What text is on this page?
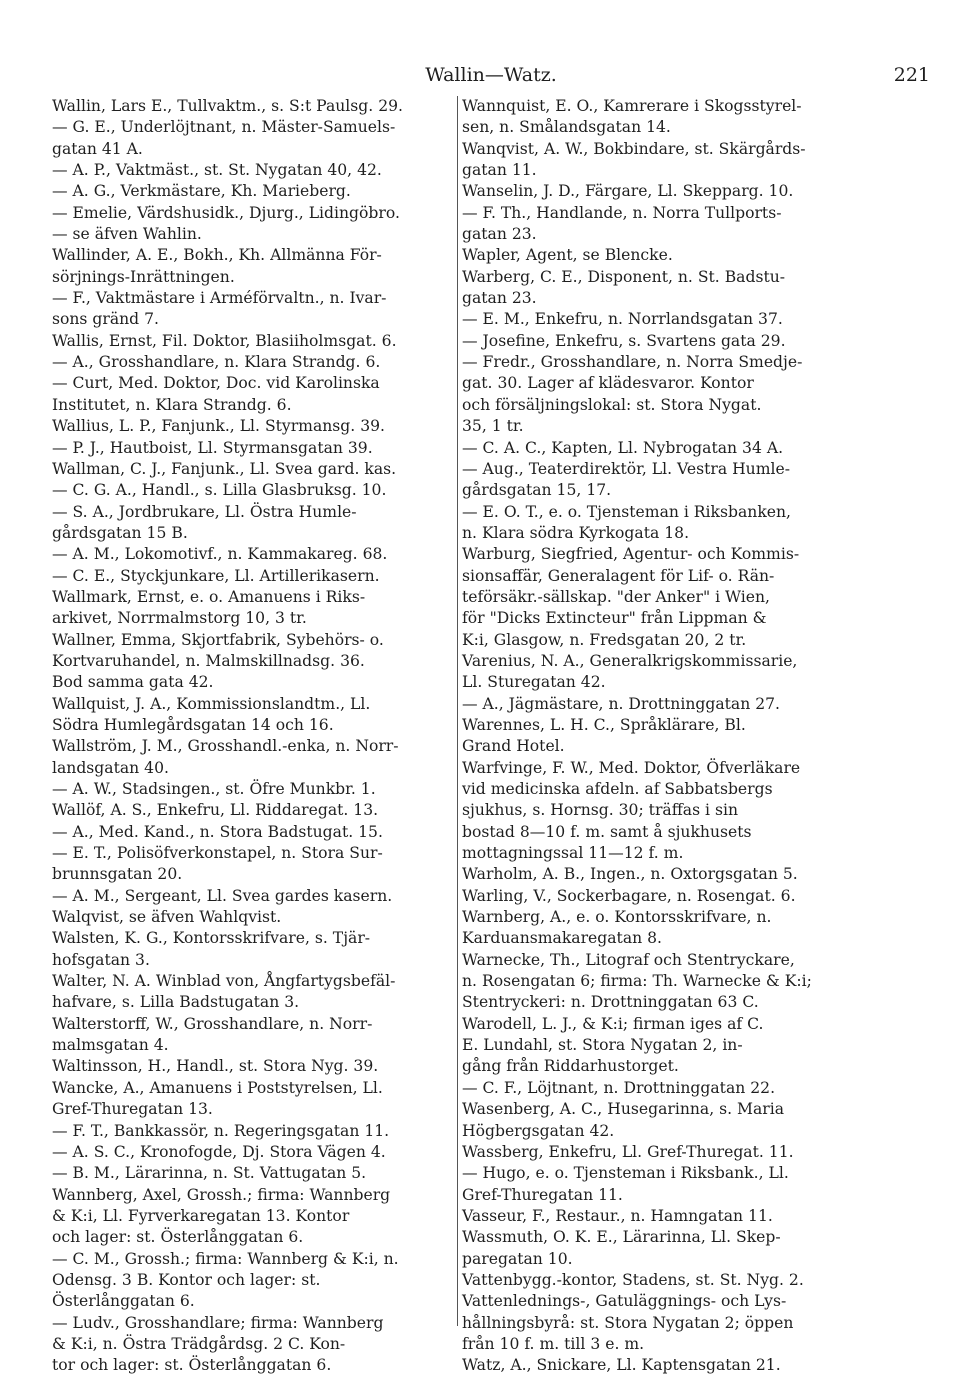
Wallin—Watz.	221
Wallin, Lars E., Tullvaktm., s. S:t Paulsg. 29.
— G. E., Underlöjtnant, n. Mäster-Samuels-
gatan 41 A.
— A. P., Vaktmäst., st. St. Nygatan 40, 42.
— A. G., Verkmästare, Kh. Marieberg.
— Emelie, Värdshusidk., Djurg., Lidingöbro.
— se äfven Wahlin.
Wallinder, A. E., Bokh., Kh. Allmänna För-
sörjnings-Inrättningen.
— F., Vaktmästare i Arméförvaltn., n. Ivar-
sons gränd 7.
Wallis, Ernst, Fil. Doktor, Blasiiholmsgat. 6.
— A., Grosshandlare, n. Klara Strandg. 6.
— Curt, Med. Doktor, Doc. vid Karolinska
Institutet, n. Klara Strandg. 6.
Wallius, L. P., Fanjunk., Ll. Styrmansg. 39.
— P. J., Hautboist, Ll. Styrmansgatan 39.
Wallman, C. J., Fanjunk., Ll. Svea gard. kas.
— C. G. A., Handl., s. Lilla Glasbruksg. 10.
— S. A., Jordbrukare, Ll. Östra Humle-
gårdsgatan 15 B.
— A. M., Lokomotivf., n. Kammakareg. 68.
— C. E., Styckjunkare, Ll. Artillerikasern.
Wallmark, Ernst, e. o. Amanuens i Riks-
arkivet, Norrmalmstorg 10, 3 tr.
Wallner, Emma, Skjortfabrik, Sybehörs- o.
Kortvaruhandel, n. Malmskillnadsg. 36.
Bod samma gata 42.
Wallquist, J. A., Kommissionslandtm., Ll.
Södra Humlegårdsgatan 14 och 16.
Wallström, J. M., Grosshandl.-enka, n. Norr-
landsgatan 40.
— A. W., Stadsingen., st. Öfre Munkbr. 1.
Wallöf, A. S., Enkefru, Ll. Riddaregat. 13.
— A., Med. Kand., n. Stora Badstugat. 15.
— E. T., Polisöfverkonstapel, n. Stora Sur-
brunnsgatan 20.
— A. M., Sergeant, Ll. Svea gardes kasern.
Walqvist, se äfven Wahlqvist.
Walsten, K. G., Kontorsskrifvare, s. Tjär-
hofsgatan 3.
Walter, N. A. Winblad von, Ångfartygsbefäl-
hafvare, s. Lilla Badstugatan 3.
Walterstorff, W., Grosshandlare, n. Norr-
malmsgatan 4.
Waltinsson, H., Handl., st. Stora Nyg. 39.
Wancke, A., Amanuens i Poststyrelsen, Ll.
Gref-Thuregatan 13.
— F. T., Bankkassör, n. Regeringsgatan 11.
— A. S. C., Kronofogde, Dj. Stora Vägen 4.
— B. M., Lärarinna, n. St. Vattugatan 5.
Wannberg, Axel, Grossh.; firma: Wannberg
& K:i, Ll. Fyrverkaregatan 13. Kontor
och lager: st. Österlånggatan 6.
— C. M., Grossh.; firma: Wannberg & K:i, n.
Odensg. 3 B. Kontor och lager: st.
Österlånggatan 6.
— Ludv., Grosshandlare; firma: Wannberg
& K:i, n. Östra Trädgårdsg. 2 C. Kon-
tor och lager: st. Österlånggatan 6.
Wannquist, E. O., Kamrerare i Skogsstyrel-
sen, n. Smålandsgatan 14.
Wanqvist, A. W., Bokbindare, st. Skärgårds-
gatan 11.
Wanselin, J. D., Färgare, Ll. Skepparg. 10.
— F. Th., Handlande, n. Norra Tullports-
gatan 23.
Wapler, Agent, se Blencke.
Warberg, C. E., Disponent, n. St. Badstu-
gatan 23.
— E. M., Enkefru, n. Norrlandsgatan 37.
— Josefine, Enkefru, s. Svartens gata 29.
— Fredr., Grosshandlare, n. Norra Smedje-
gat. 30. Lager af klädesvaror. Kontor
och försäljningslokal: st. Stora Nygat.
35, 1 tr.
— C. A. C., Kapten, Ll. Nybrogatan 34 A.
— Aug., Teaterdirektör, Ll. Vestra Humle-
gårdsgatan 15, 17.
— E. O. T., e. o. Tjensteman i Riksbanken,
n. Klara södra Kyrkogata 18.
Warburg, Siegfried, Agentur- och Kommis-
sionsaffär, Generalagent för Lif- o. Rän-
teförsäkr.-sällskap. "der Anker" i Wien,
för "Dicks Extincteur" från Lippman &
K:i, Glasgow, n. Fredsgatan 20, 2 tr.
Varenius, N. A., Generalkrigskommissarie,
Ll. Sturegatan 42.
— A., Jägmästare, n. Drottninggatan 27.
Warennes, L. H. C., Språklärare, Bl.
Grand Hotel.
Warfvinge, F. W., Med. Doktor, Öfverläkare
vid medicinska afdeln. af Sabbatsbergs
sjukhus, s. Hornsg. 30; träffas i sin
bostad 8—10 f. m. samt å sjukhusets
mottagningssal 11—12 f. m.
Warholm, A. B., Ingen., n. Oxtorgsgatan 5.
Warling, V., Sockerbagare, n. Rosengat. 6.
Warnberg, A., e. o. Kontorsskrifvare, n.
Karduansmakaregatan 8.
Warnecke, Th., Litograf och Stentryckare,
n. Rosengatan 6; firma: Th. Warnecke & K:i;
Stentryckeri: n. Drottninggatan 63 C.
Warodell, L. J., & K:i; firman iges af C.
E. Lundahl, st. Stora Nygatan 2, in-
gång från Riddarhustorget.
— C. F., Löjtnant, n. Drottninggatan 22.
Wasenberg, A. C., Husegarinna, s. Maria
Högbergsgatan 42.
Wassberg, Enkefru, Ll. Gref-Thuregat. 11.
— Hugo, e. o. Tjensteman i Riksbank., Ll.
Gref-Thuregatan 11.
Vasseur, F., Restaur., n. Hamngatan 11.
Wassmuth, O. K. E., Lärarinna, Ll. Skep-
paregatan 10.
Vattenbygg.-kontor, Stadens, st. St. Nyg. 2.
Vattenlednings-, Gatuläggnings- och Lys-
hållningsbyrå: st. Stora Nygatan 2; öppen
från 10 f. m. till 3 e. m.
Watz, A., Snickare, Ll. Kaptensgatan 21.
